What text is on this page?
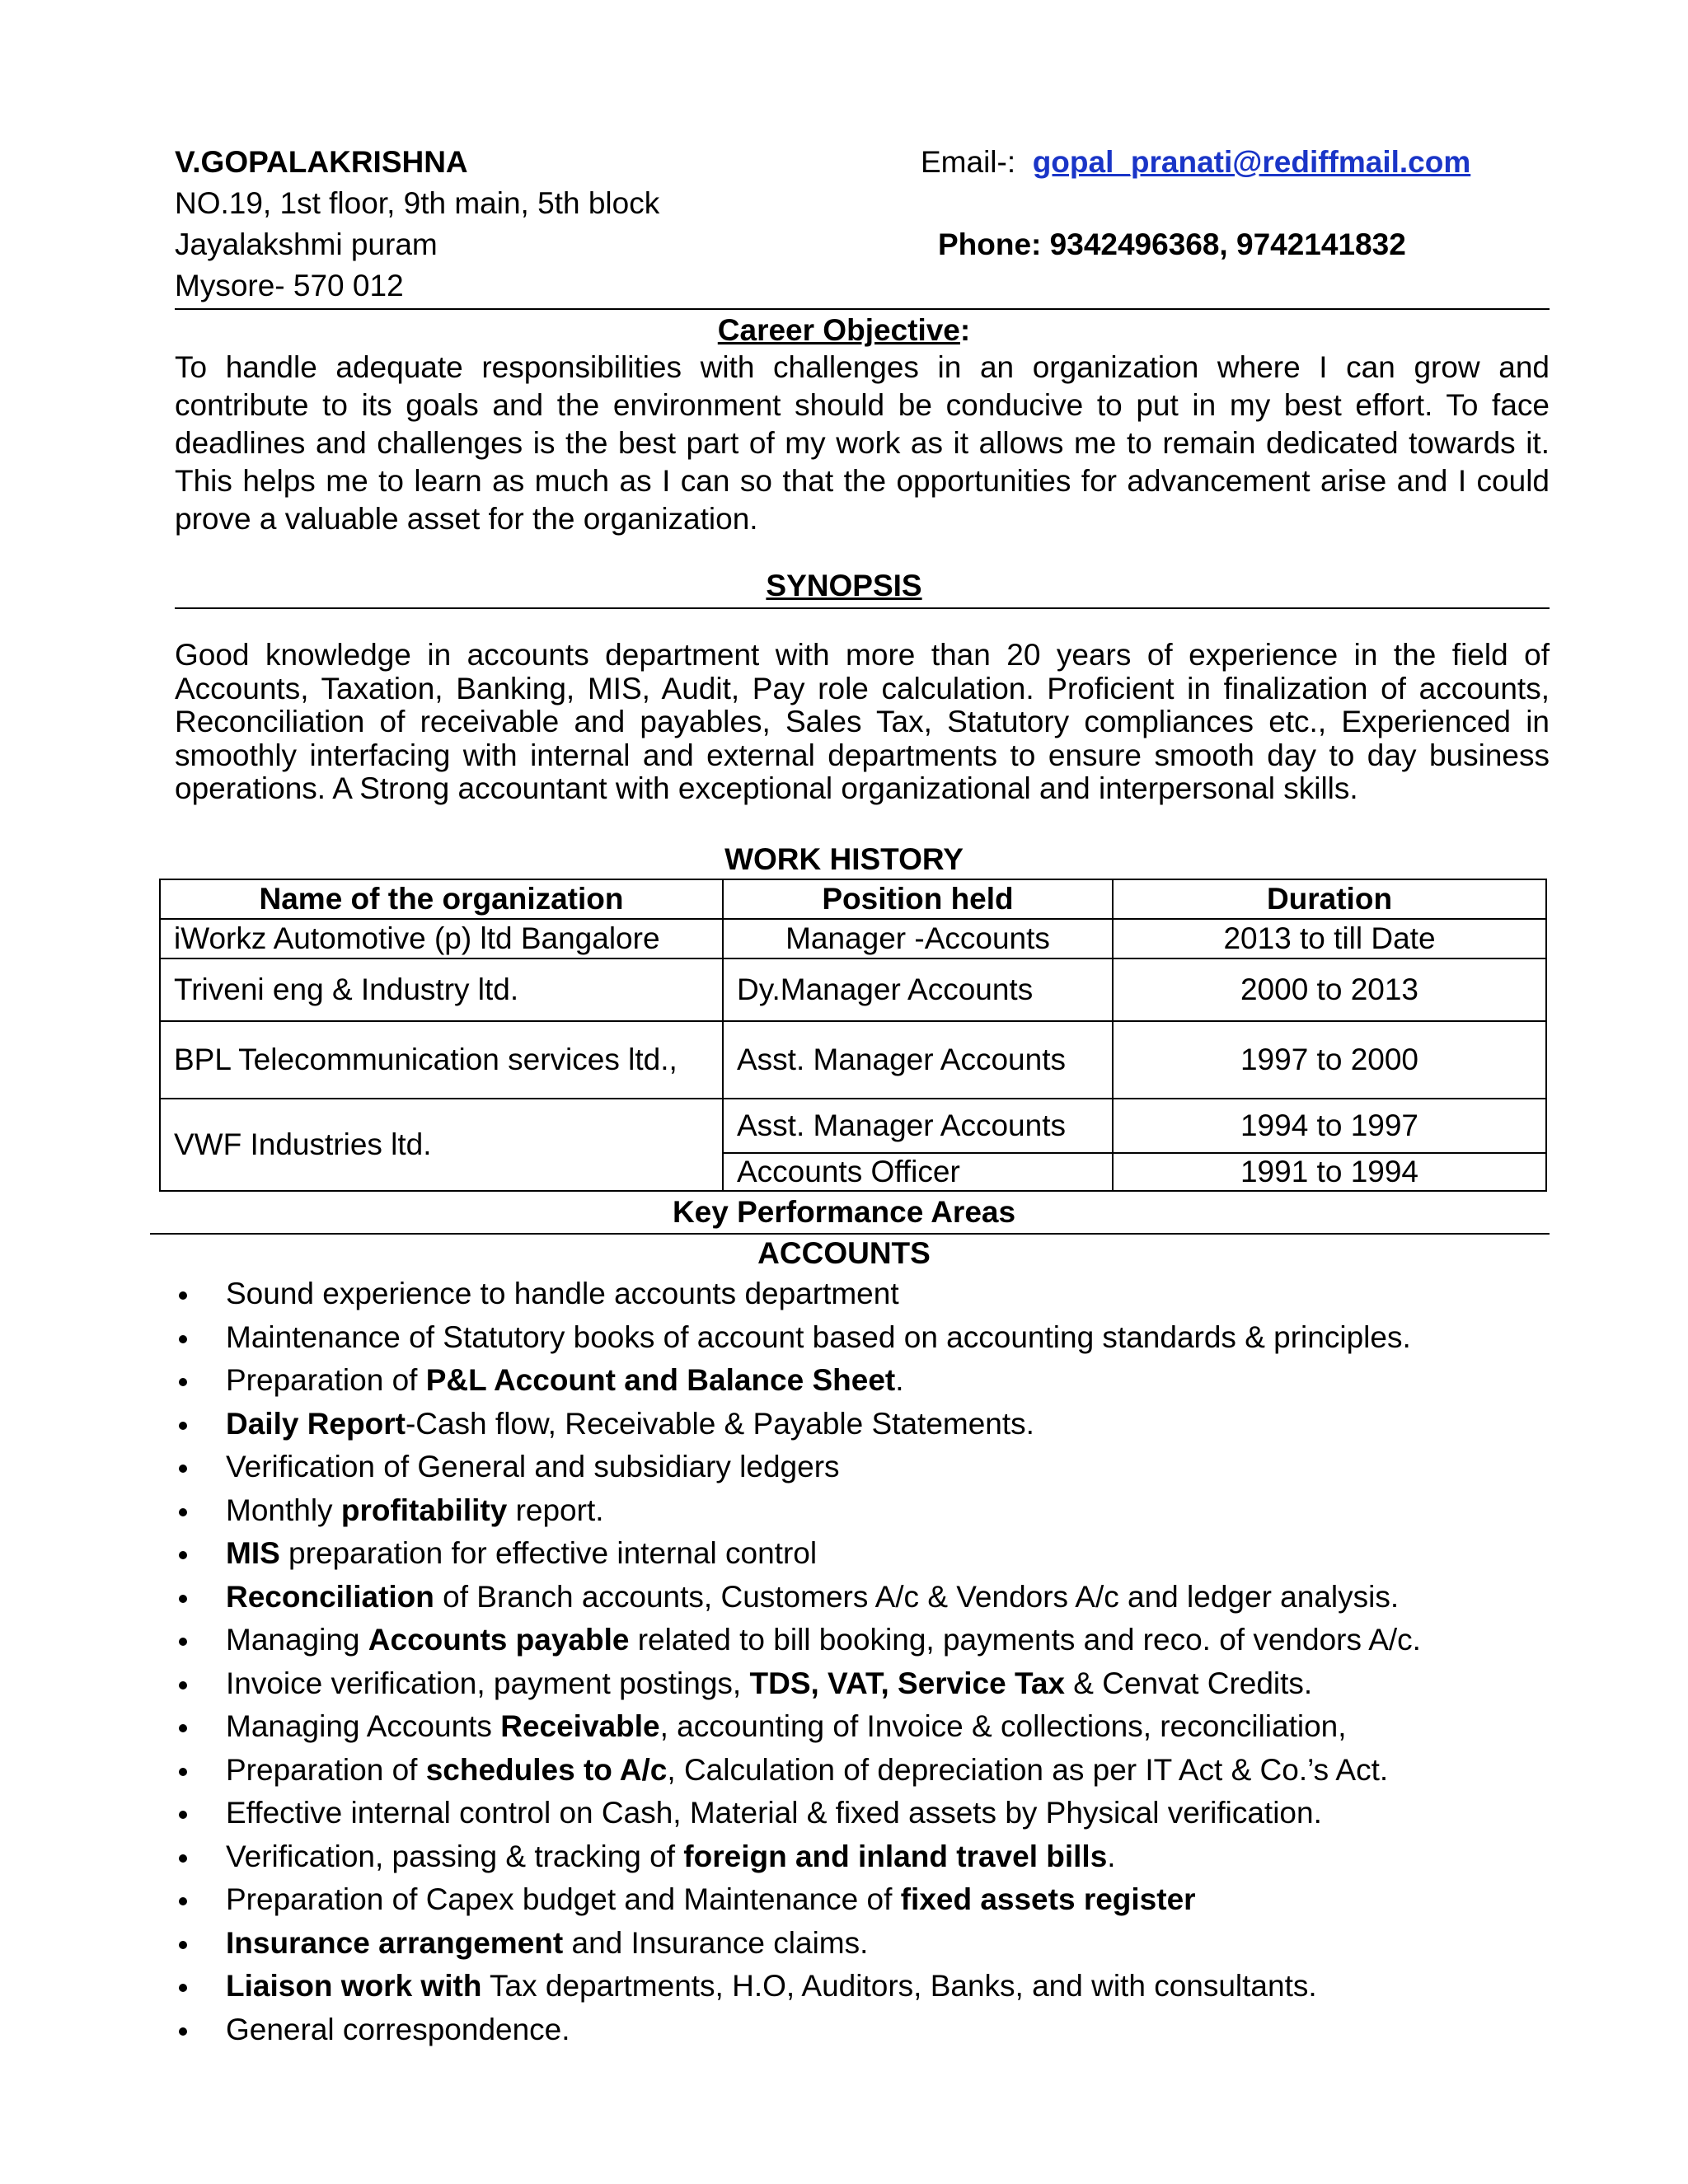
V.GOPALAKRISHNA
NO.19, 1st floor, 9th main, 5th block
Jayalakshmi puram
Mysore- 570 012
Email-: gopal_pranati@rediffmail.com
Phone: 9342496368, 9742141832
Career Objective:
To handle adequate responsibilities with challenges in an organization where I can grow and contribute to its goals and the environment should be conducive to put in my best effort. To face deadlines and challenges is the best part of my work as it allows me to remain dedicated towards it. This helps me to learn as much as I can so that the opportunities for advancement arise and I could prove a valuable asset for the organization.
SYNOPSIS
Good knowledge in accounts department with more than 20 years of experience in the field of Accounts, Taxation, Banking, MIS, Audit, Pay role calculation. Proficient in finalization of accounts, Reconciliation of receivable and payables, Sales Tax, Statutory compliances etc., Experienced in smoothly interfacing with internal and external departments to ensure smooth day to day business operations. A Strong accountant with exceptional organizational and interpersonal skills.
WORK HISTORY
Name of the organization	Position held	Duration
iWorkz Automotive (p) ltd Bangalore	Manager -Accounts	2013 to till Date
Triveni eng & Industry ltd.	Dy.Manager Accounts	2000 to 2013
BPL Telecommunication services ltd.,	Asst. Manager Accounts	1997 to 2000
VWF Industries ltd.	Asst. Manager Accounts	1994 to 1997
	Accounts Officer	1991 to 1994
Key Performance Areas
ACCOUNTS
Sound experience to handle accounts department
Maintenance of Statutory books of account based on accounting standards & principles.
Preparation of P&L Account and Balance Sheet.
Daily Report-Cash flow, Receivable & Payable Statements.
Verification of General and subsidiary ledgers
Monthly profitability report.
MIS preparation for effective internal control
Reconciliation of Branch accounts, Customers A/c & Vendors A/c and ledger analysis.
Managing Accounts payable related to bill booking, payments and reco. of vendors A/c.
Invoice verification, payment postings, TDS, VAT, Service Tax & Cenvat Credits.
Managing Accounts Receivable, accounting of Invoice & collections, reconciliation,
Preparation of schedules to A/c, Calculation of depreciation as per IT Act & Co.’s Act.
Effective internal control on Cash, Material & fixed assets by Physical verification.
Verification, passing & tracking of foreign and inland travel bills.
Preparation of Capex budget and Maintenance of fixed assets register
Insurance arrangement and Insurance claims.
Liaison work with Tax departments, H.O, Auditors, Banks, and with consultants.
General correspondence.
